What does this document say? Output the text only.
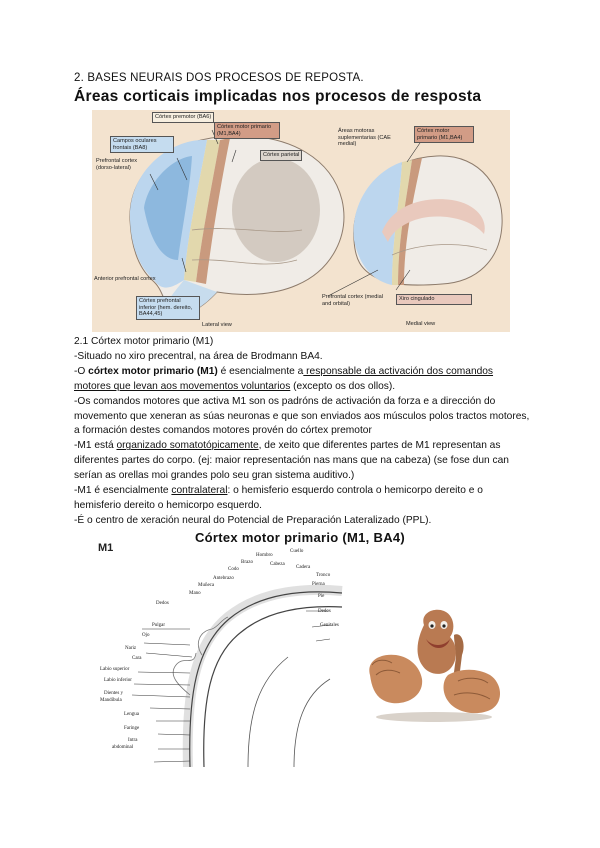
2. BASES NEURAIS DOS PROCESOS DE REPOSTA.
Áreas corticais implicadas nos procesos de resposta
Córtex premotor (BA6)
Córtex motor primario (M1,BA4)
Campos oculares frontais (BA8)
Prefrontal cortex (dorso-lateral)
Córtex parietal
Anterior prefrontal cortex
Córtex prefrontal inferior (hem. dereito, BA44,45)
Lateral view
Áreas motoras suplementarias (CAE medial)
Córtex motor primario (M1,BA4)
Prefrontal cortex (medial and orbital)
Xiro cingulado
Medial view

2.1 Córtex motor primario (M1)

-Situado no xiro precentral, na área de Brodmann BA4.

-O córtex motor primario (M1) é esencialmente a responsable da activación dos comandos motores que levan aos movementos voluntarios (excepto os dos ollos).

-Os comandos motores que activa M1 son os padróns de activación da forza e a dirección do movemento que xeneran as súas neuronas e que son enviados aos músculos polos tractos motores, a formación destes comandos motores provén do córtex premotor

-M1 está organizado somatotópicamente, de xeito que diferentes partes de M1 representan as diferentes partes do corpo. (ej: maior representación nas mans que na cabeza) (se fose dun can serían as orellas moi grandes polo seu gran sistema auditivo.)

-M1 é esencialmente contralateral: o hemisferio esquerdo controla o hemicorpo dereito e o hemisferio dereito o hemicorpo esquerdo.

-É o centro de xeración neural do Potencial de Preparación Lateralizado (PPL).

Córtex motor primario (M1, BA4)
M1
Hombro
Cuello
Brazo	Cabeza
Codo	Cadera
Antebrazo
Tronco
Muñeca	Pierna
Mano
Pie
Dedos
Dedos
Pulgar	Genitales
Ojo
Nariz
Cara
Labio superior
Labio inferior
Dientes y
Mandíbula
Lengua
Faringe
Intra
abdominal
